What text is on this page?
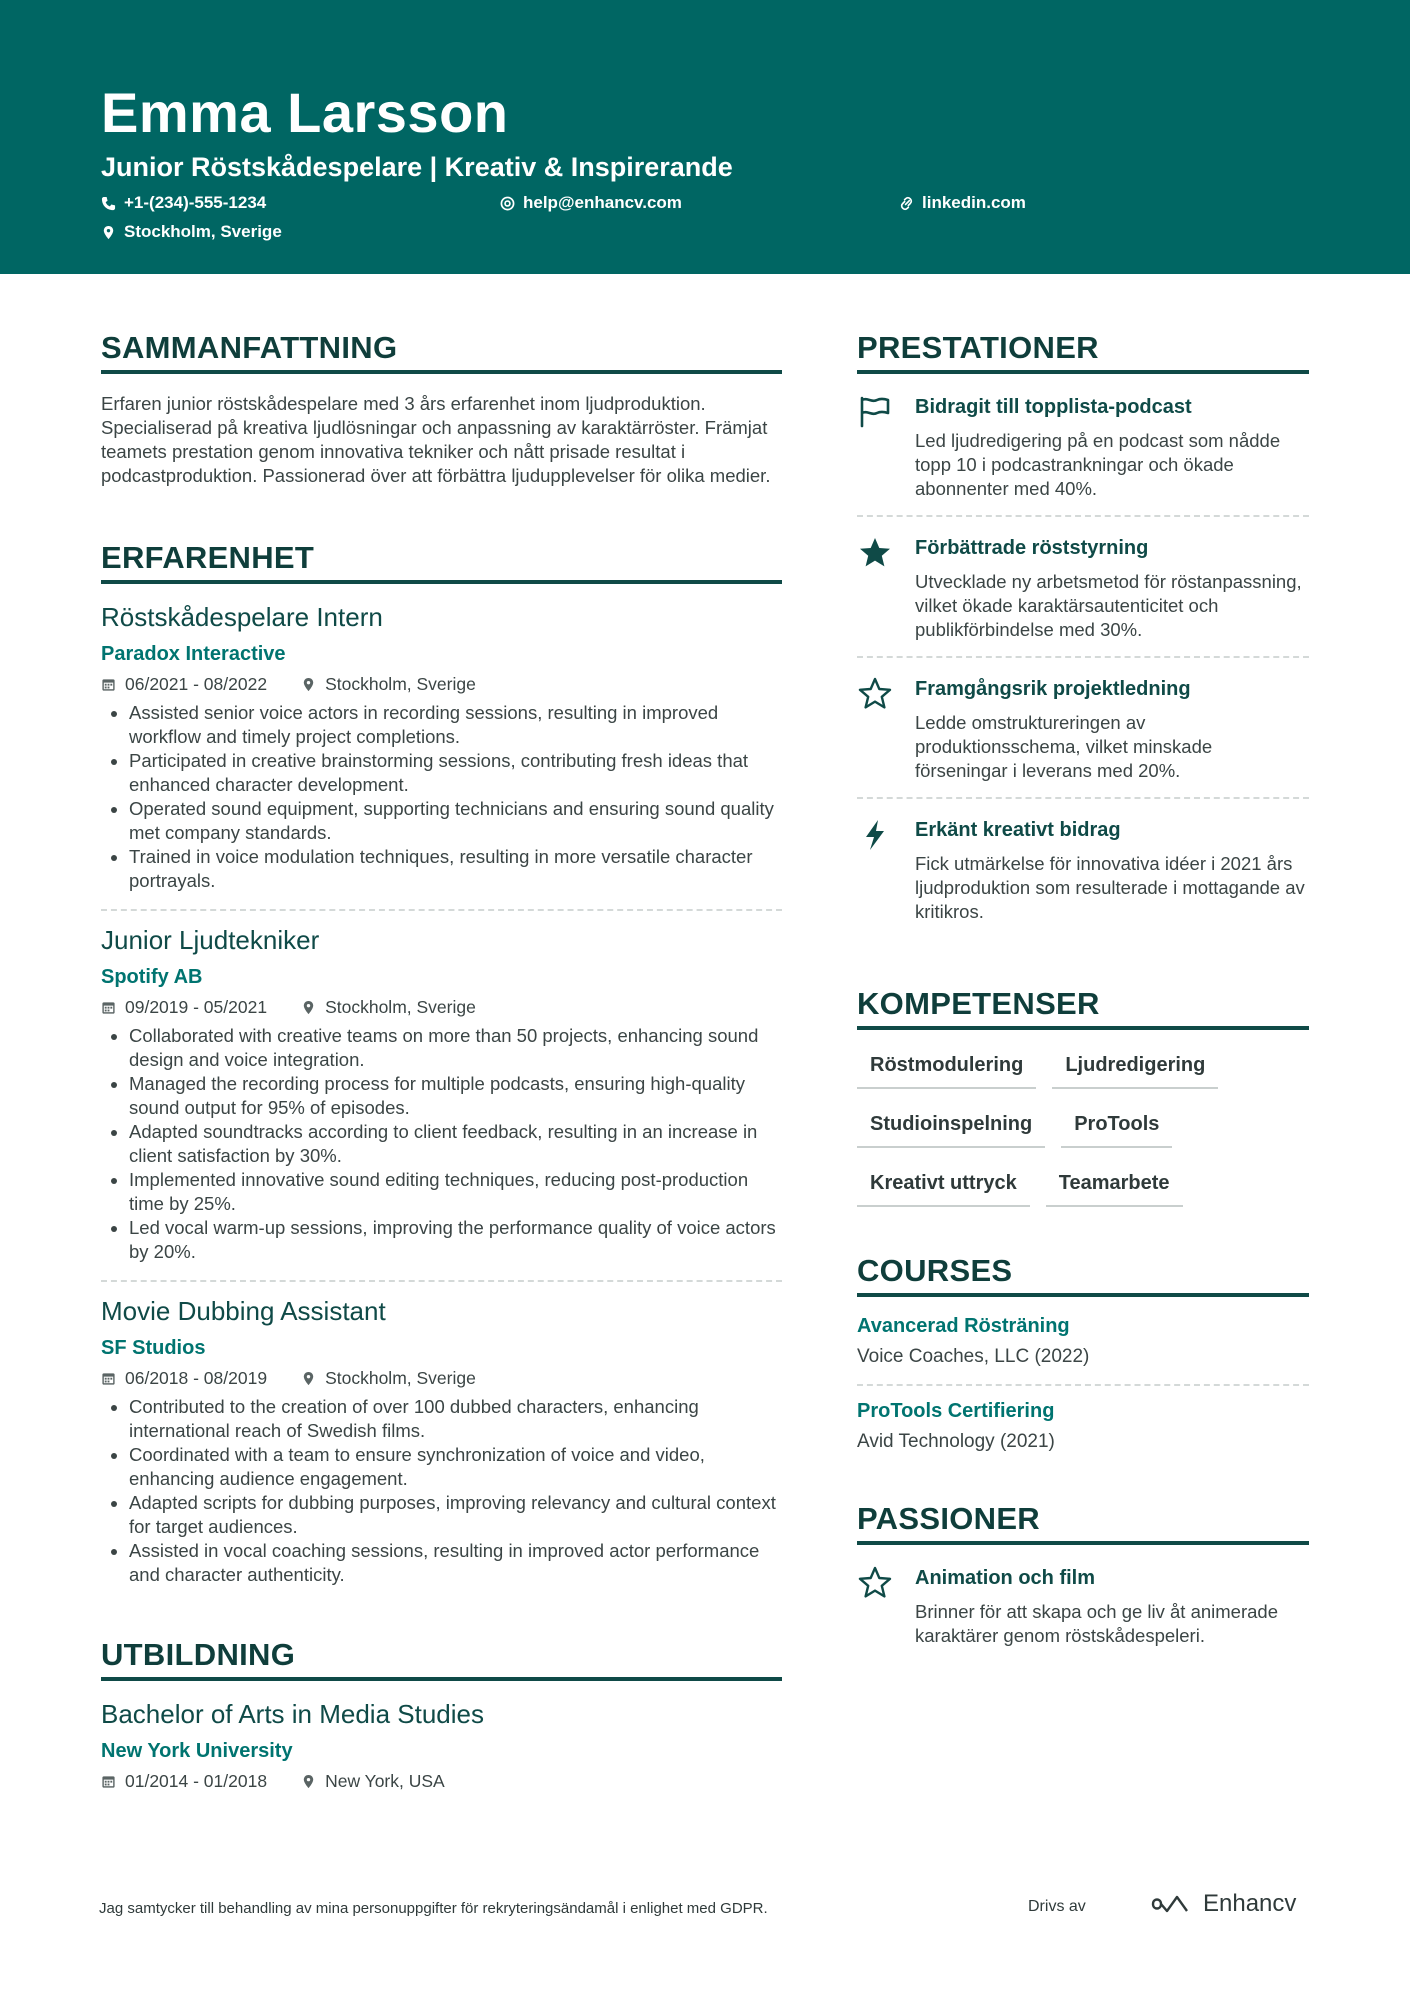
Emma Larsson
Junior Röstskådespelare | Kreativ & Inspirerande
+1-(234)-555-1234	help@enhancv.com	linkedin.com
Stockholm, Sverige
SAMMANFATTNING
Erfaren junior röstskådespelare med 3 års erfarenhet inom ljudproduktion. Specialiserad på kreativa ljudlösningar och anpassning av karaktärröster. Främjat teamets prestation genom innovativa tekniker och nått prisade resultat i podcastproduktion. Passionerad över att förbättra ljudupplevelser för olika medier.
ERFARENHET
Röstskådespelare Intern
Paradox Interactive
06/2021 - 08/2022	Stockholm, Sverige
• Assisted senior voice actors in recording sessions, resulting in improved workflow and timely project completions.
• Participated in creative brainstorming sessions, contributing fresh ideas that enhanced character development.
• Operated sound equipment, supporting technicians and ensuring sound quality met company standards.
• Trained in voice modulation techniques, resulting in more versatile character portrayals.
Junior Ljudtekniker
Spotify AB
09/2019 - 05/2021	Stockholm, Sverige
• Collaborated with creative teams on more than 50 projects, enhancing sound design and voice integration.
• Managed the recording process for multiple podcasts, ensuring high-quality sound output for 95% of episodes.
• Adapted soundtracks according to client feedback, resulting in an increase in client satisfaction by 30%.
• Implemented innovative sound editing techniques, reducing post-production time by 25%.
• Led vocal warm-up sessions, improving the performance quality of voice actors by 20%.
Movie Dubbing Assistant
SF Studios
06/2018 - 08/2019	Stockholm, Sverige
• Contributed to the creation of over 100 dubbed characters, enhancing international reach of Swedish films.
• Coordinated with a team to ensure synchronization of voice and video, enhancing audience engagement.
• Adapted scripts for dubbing purposes, improving relevancy and cultural context for target audiences.
• Assisted in vocal coaching sessions, resulting in improved actor performance and character authenticity.
UTBILDNING
Bachelor of Arts in Media Studies
New York University
01/2014 - 01/2018	New York, USA
PRESTATIONER
Bidragit till topplista-podcast
Led ljudredigering på en podcast som nådde topp 10 i podcastrankningar och ökade abonnenter med 40%.
Förbättrade röststyrning
Utvecklade ny arbetsmetod för röstanpassning, vilket ökade karaktärsautenticitet och publikförbindelse med 30%.
Framgångsrik projektledning
Ledde omstruktureringen av produktionsschema, vilket minskade förseningar i leverans med 20%.
Erkänt kreativt bidrag
Fick utmärkelse för innovativa idéer i 2021 års ljudproduktion som resulterade i mottagande av kritikros.
KOMPETENSER
Röstmodulering	Ljudredigering
Studioinspelning	ProTools
Kreativt uttryck	Teamarbete
COURSES
Avancerad Rösträning
Voice Coaches, LLC (2022)
ProTools Certifiering
Avid Technology (2021)
PASSIONER
Animation och film
Brinner för att skapa och ge liv åt animerade karaktärer genom röstskådespeleri.
Jag samtycker till behandling av mina personuppgifter för rekryteringsändamål i enlighet med GDPR.	Drivs av	Enhancv
